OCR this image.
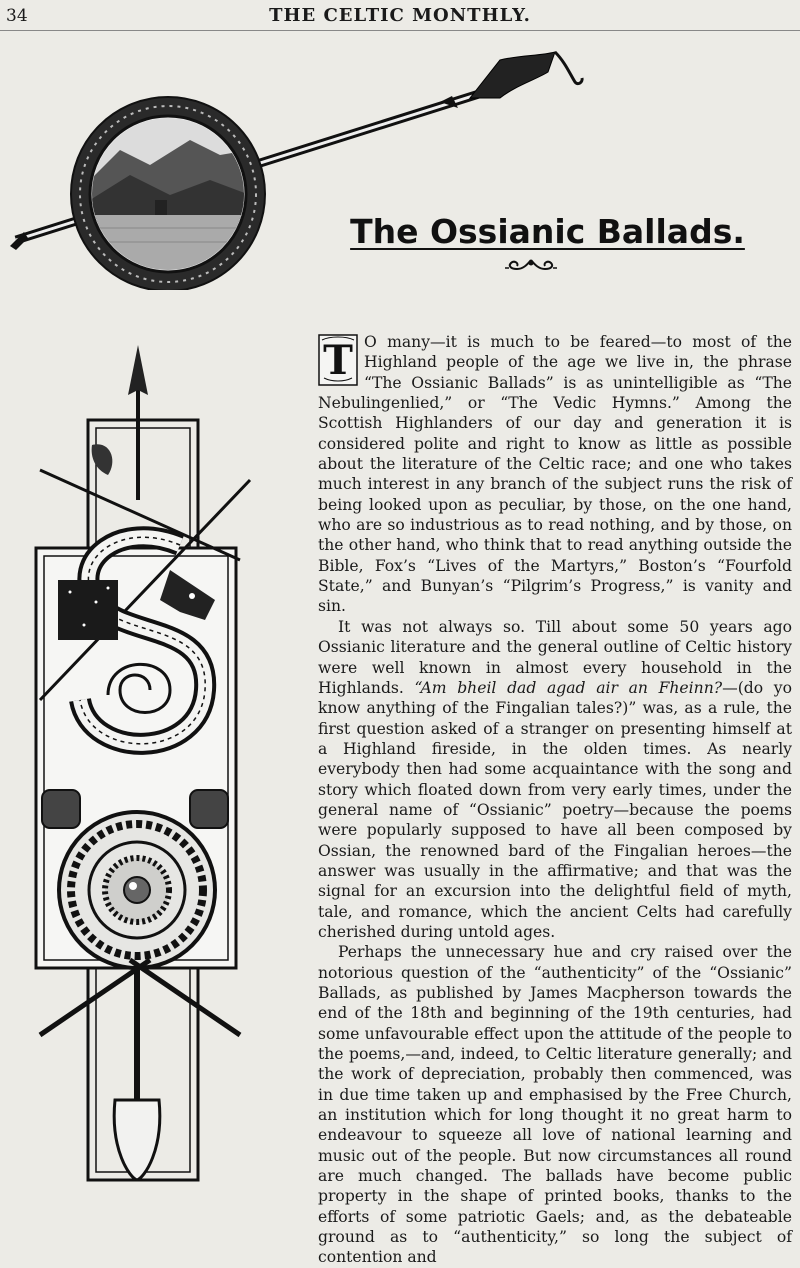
34	THE CELTIC MONTHLY.
The Ossianic Ballads.

T O many—it is much to be feared—to most of the Highland people of the age we live in, the phrase “The Ossianic Ballads” is as unintelligible as “The Nebulingenlied,” or “The Vedic Hymns.” Among the Scottish Highlanders of our day and generation it is considered polite and right to know as little as possible about the literature of the Celtic race; and one who takes much interest in any branch of the subject runs the risk of being looked upon as peculiar, by those, on the one hand, who are so industrious as to read nothing, and by those, on the other hand, who think that to read anything outside the Bible, Fox’s “Lives of the Martyrs,” Boston’s “Fourfold State,” and Bunyan’s “Pilgrim’s Progress,” is vanity and sin.

It was not always so. Till about some 50 years ago Ossianic literature and the general outline of Celtic history were well known in almost every household in the Highlands. “Am bheil dad agad air an Fheinn?—(do yo know anything of the Fingalian tales?)” was, as a rule, the first question asked of a stranger on presenting himself at a Highland fireside, in the olden times. As nearly everybody then had some acquaintance with the song and story which floated down from very early times, under the general name of “Ossianic” poetry—because the poems were popularly supposed to have all been composed by Ossian, the renowned bard of the Fingalian heroes—the answer was usually in the affirmative; and that was the signal for an excursion into the delightful field of myth, tale, and romance, which the ancient Celts had carefully cherished during untold ages.

Perhaps the unnecessary hue and cry raised over the notorious question of the “authenticity” of the “Ossianic” Ballads, as published by James Macpherson towards the end of the 18th and beginning of the 19th centuries, had some unfavourable effect upon the attitude of the people to the poems,—and, indeed, to Celtic literature generally; and the work of depreciation, probably then commenced, was in due time taken up and emphasised by the Free Church, an institution which for long thought it no great harm to endeavour to squeeze all love of national learning and music out of the people. But now circumstances all round are much changed. The ballads have become public property in the shape of printed books, thanks to the efforts of some patriotic Gaels; and, as the debateable ground as to “authenticity,” so long the subject of contention and
